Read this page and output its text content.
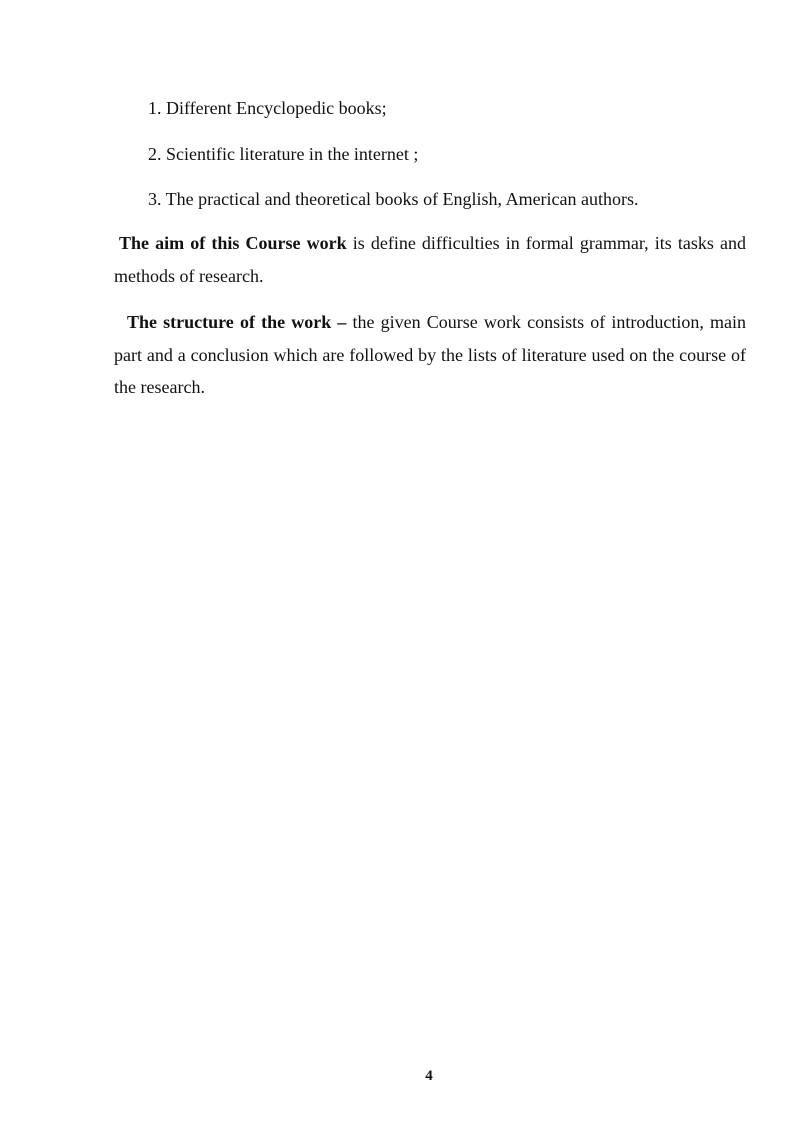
1. Different Encyclopedic books;
2. Scientific literature in the internet ;
3. The practical and theoretical books of English, American authors.

The aim of this Course work is define difficulties in formal grammar, its tasks and methods of research.

The structure of the work – the given Course work consists of introduction, main part and a conclusion which are followed by the lists of literature used on the course of the research.

4
